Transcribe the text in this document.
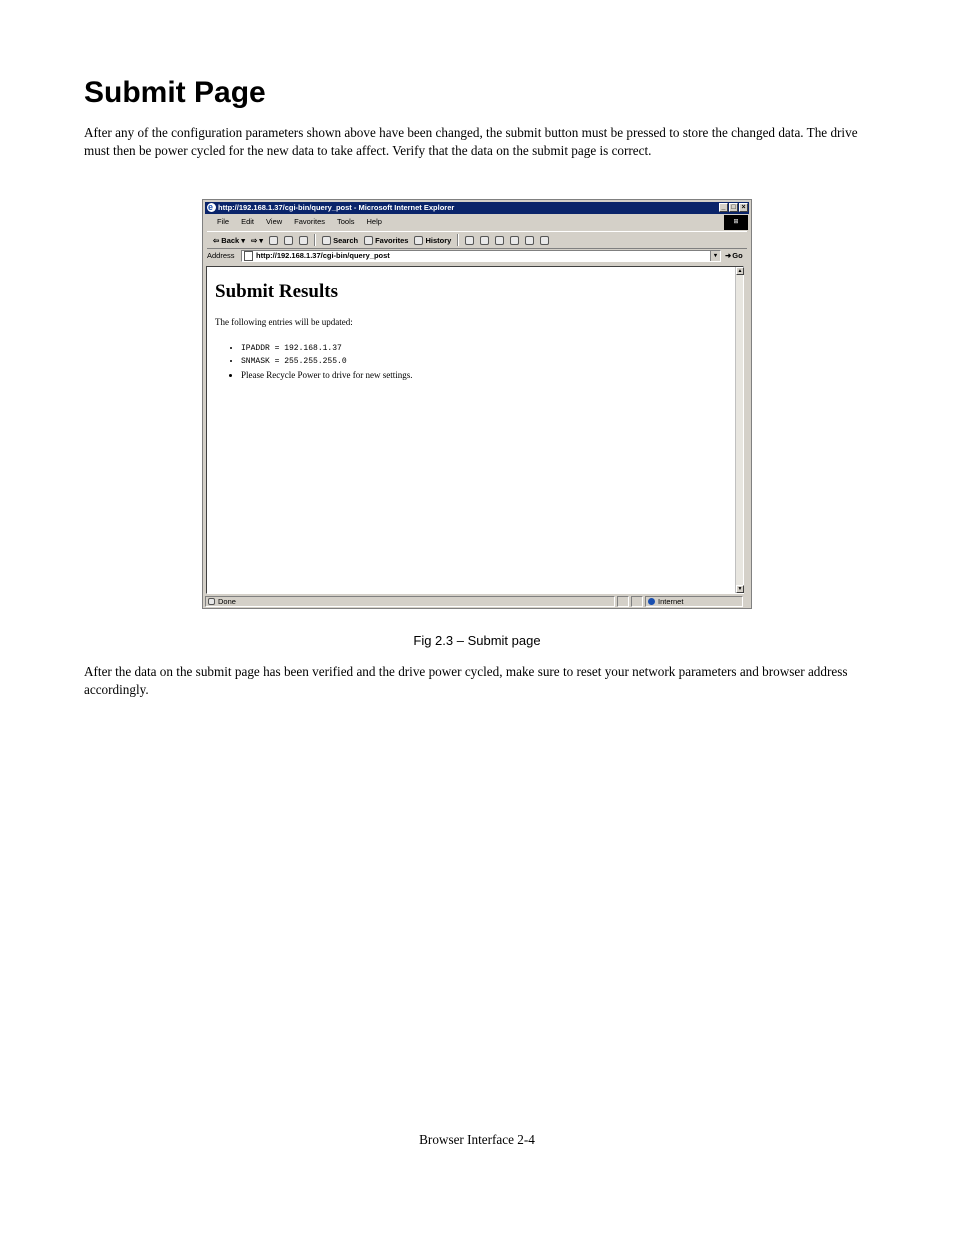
Submit Page

After any of the configuration parameters shown above have been changed, the submit button must be pressed to store the changed data. The drive must then be power cycled for the new data to take affect. Verify that the data on the submit page is correct.

ehttp://192.168.1.37/cgi-bin/query_post - Microsoft Internet Explorer	_ □ ×
File Edit View Favorites Tools Help	⊞
⇦ Back ▾ ⇨ ▾	Search Favorites History
Address	http://192.168.1.37/cgi-bin/query_post	▾	➜ Go
Submit Results

The following entries will be updated:

• IPADDR = 192.168.1.37
• SNMASK = 255.255.255.0
• Please Recycle Power to drive for new settings.
▲
▼
Done	Internet
Fig 2.3 – Submit page

After the data on the submit page has been verified and the drive power cycled, make sure to reset your network parameters and browser address accordingly.

Browser Interface 2-4
